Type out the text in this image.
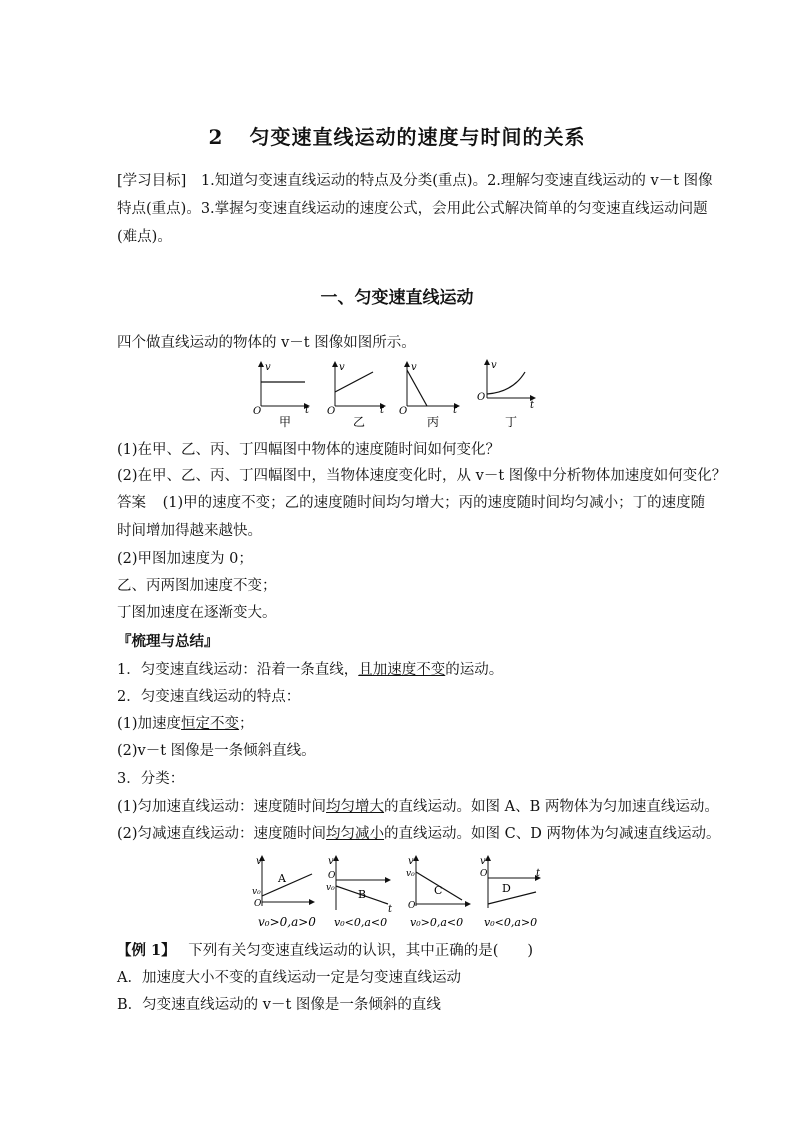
2 匀变速直线运动的速度与时间的关系
[学习目标] 1.知道匀变速直线运动的特点及分类(重点)。2.理解匀变速直线运动的 v－t 图像
特点(重点)。3.掌握匀变速直线运动的速度公式，会用此公式解决简单的匀变速直线运动问题
(难点)。
一、匀变速直线运动
四个做直线运动的物体的 v－t 图像如图所示。
v
t
O
甲
v
t
O
乙
v
t
O
丙
v
t
O
丁
(1)在甲、乙、丙、丁四幅图中物体的速度随时间如何变化？
(2)在甲、乙、丙、丁四幅图中，当物体速度变化时，从 v－t 图像中分析物体加速度如何变化？
答案 (1)甲的速度不变；乙的速度随时间均匀增大；丙的速度随时间均匀减小；丁的速度随
时间增加得越来越快。
(2)甲图加速度为 0；
乙、丙两图加速度不变；
丁图加速度在逐渐变大。
『梳理与总结』
1．匀变速直线运动：沿着一条直线，且加速度不变的运动。
2．匀变速直线运动的特点：
(1)加速度恒定不变；
(2)v－t 图像是一条倾斜直线。
3．分类：
(1)匀加速直线运动：速度随时间均匀增大的直线运动。如图 A、B 两物体为匀加速直线运动。
(2)匀减速直线运动：速度随时间均匀减小的直线运动。如图 C、D 两物体为匀减速直线运动。
v
v₀
O
A
v₀>0,a>0
v
O
v₀
t
B
v₀<0,a<0
v
v₀
O
C
v₀>0,a<0
v
O	t
D
v₀<0,a>0
【例 1】 下列有关匀变速直线运动的认识，其中正确的是(　　)
A．加速度大小不变的直线运动一定是匀变速直线运动
B．匀变速直线运动的 v－t 图像是一条倾斜的直线
